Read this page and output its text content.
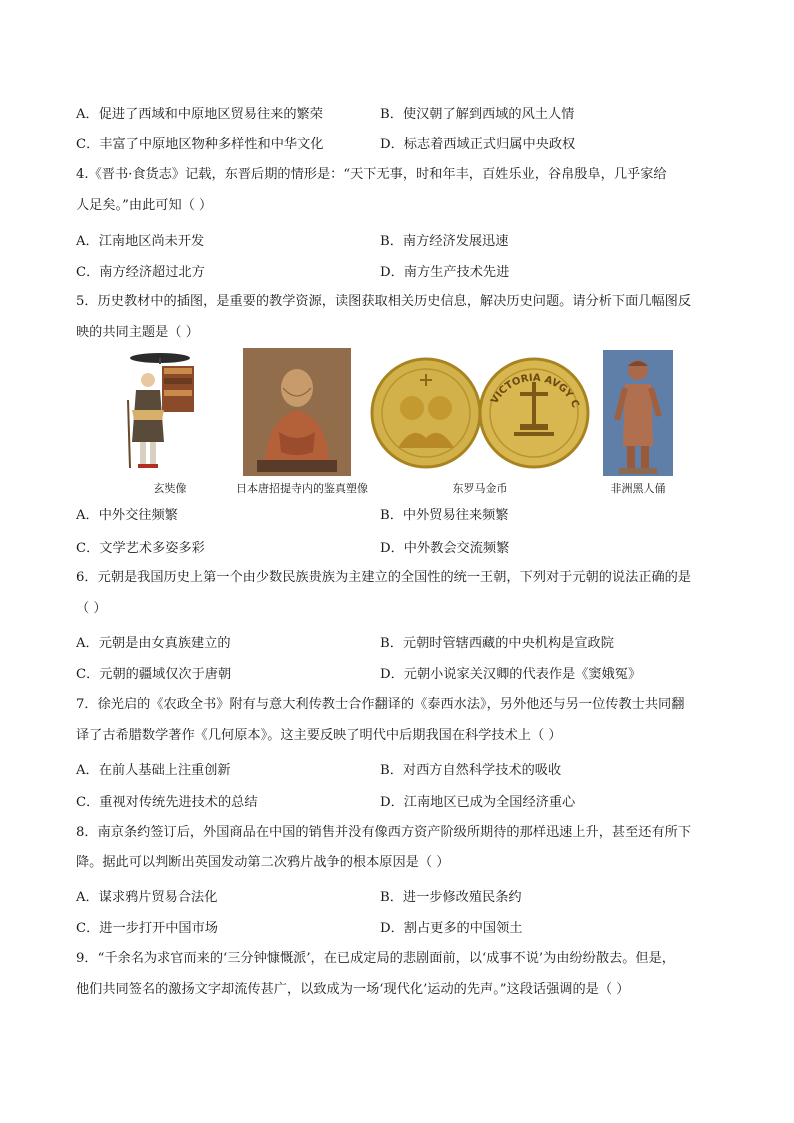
A．促进了西域和中原地区贸易往来的繁荣	B．使汉朝了解到西域的风土人情
C．丰富了中原地区物种多样性和中华文化	D．标志着西域正式归属中央政权
4.《晋书·食货志》记载，东晋后期的情形是：“天下无事，时和年丰，百姓乐业，谷帛殷阜，几乎家给
人足矣。”由此可知（ ）
A．江南地区尚未开发	B．南方经济发展迅速
C．南方经济超过北方	D．南方生产技术先进
5．历史教材中的插图，是重要的教学资源，读图获取相关历史信息，解决历史问题。请分析下面几幅图反
映的共同主题是（ ）
VICTORIA AVGY C
玄奘像	日本唐招提寺内的鉴真塑像	东罗马金币	非洲黑人俑
A．中外交往频繁	B．中外贸易往来频繁
C．文学艺术多姿多彩	D．中外教会交流频繁
6．元朝是我国历史上第一个由少数民族贵族为主建立的全国性的统一王朝，下列对于元朝的说法正确的是
（ ）
A．元朝是由女真族建立的	B．元朝时管辖西藏的中央机构是宣政院
C．元朝的疆域仅次于唐朝	D．元朝小说家关汉卿的代表作是《窦娥冤》
7．徐光启的《农政全书》附有与意大利传教士合作翻译的《泰西水法》，另外他还与另一位传教士共同翻
译了古希腊数学著作《几何原本》。这主要反映了明代中后期我国在科学技术上（ ）
A．在前人基础上注重创新	B．对西方自然科学技术的吸收
C．重视对传统先进技术的总结	D．江南地区已成为全国经济重心
8．南京条约签订后，外国商品在中国的销售并没有像西方资产阶级所期待的那样迅速上升，甚至还有所下
降。据此可以判断出英国发动第二次鸦片战争的根本原因是（ ）
A．谋求鸦片贸易合法化	B．进一步修改殖民条约
C．进一步打开中国市场	D．割占更多的中国领土
9．“千余名为求官而来的‘三分钟慷慨派’，在已成定局的悲剧面前，以‘成事不说’为由纷纷散去。但是，
他们共同签名的激扬文字却流传甚广，以致成为一场‘现代化’运动的先声。”这段话强调的是（ ）
